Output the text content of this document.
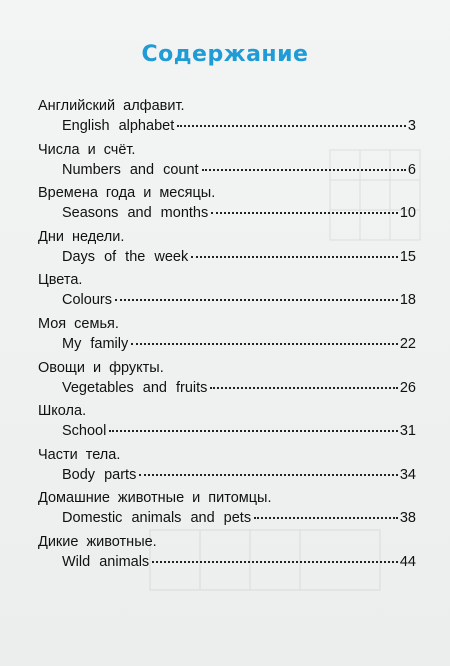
Содержание
Английский алфавит.
English alphabet	3
Числа и счёт.
Numbers and count	6
Времена года и месяцы.
Seasons and months	10
Дни недели.
Days of the week	15
Цвета.
Colours	18
Моя семья.
My family	22
Овощи и фрукты.
Vegetables and fruits	26
Школа.
School	31
Части тела.
Body parts	34
Домашние животные и питомцы.
Domestic animals and pets	38
Дикие животные.
Wild animals	44
